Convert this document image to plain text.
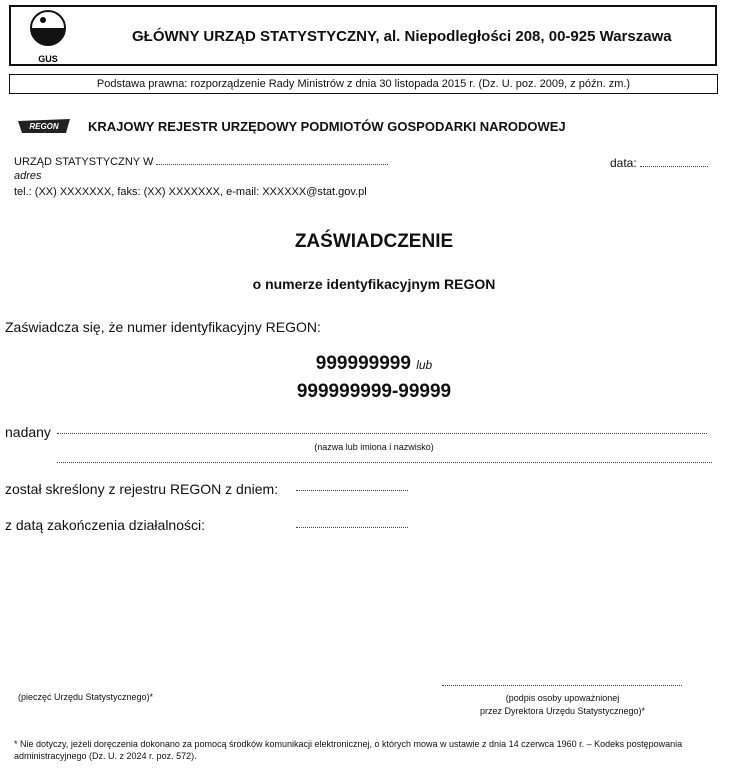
GUS
GŁÓWNY URZĄD STATYSTYCZNY, al. Niepodległości 208, 00-925 Warszawa
Podstawa prawna: rozporządzenie Rady Ministrów z dnia 30 listopada 2015 r. (Dz. U. poz. 2009, z późn. zm.)
REGON KRAJOWY REJESTR URZĘDOWY PODMIOTÓW GOSPODARKI NARODOWEJ
URZĄD STATYSTYCZNY W	data:
adres
tel.: (XX) XXXXXXX, faks: (XX) XXXXXXX, e-mail: XXXXXX@stat.gov.pl
ZAŚWIADCZENIE
o numerze identyfikacyjnym REGON
Zaświadcza się, że numer identyfikacyjny REGON:
999999999 lub
999999999-99999
nadany
(nazwa lub imiona i nazwisko)
został skreślony z rejestru REGON z dniem:
z datą zakończenia działalności:
(pieczęć Urzędu Statystycznego)*	(podpis osoby upoważnionej
przez Dyrektora Urzędu Statystycznego)*
* Nie dotyczy, jeżeli doręczenia dokonano za pomocą środków komunikacji elektronicznej, o których mowa w ustawie z dnia 14 czerwca 1960 r. – Kodeks postępowania administracyjnego (Dz. U. z 2024 r. poz. 572).
